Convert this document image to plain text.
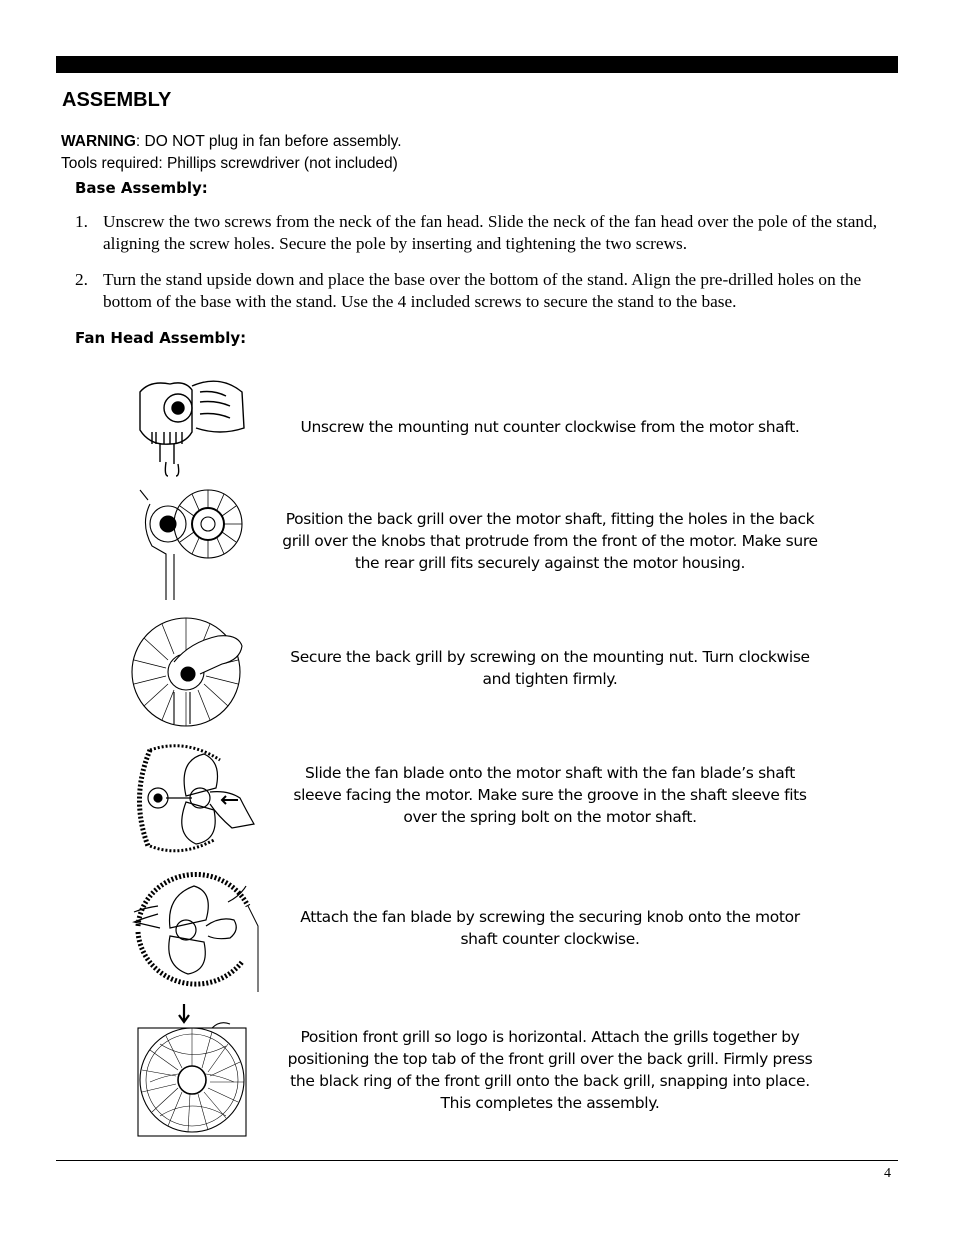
ASSEMBLY
WARNING: DO NOT plug in fan before assembly.
Tools required: Phillips screwdriver (not included)
Base Assembly:
1. Unscrew the two screws from the neck of the fan head. Slide the neck of the fan head over the pole of the stand, aligning the screw holes. Secure the pole by inserting and tightening the two screws.
2. Turn the stand upside down and place the base over the bottom of the stand. Align the pre-drilled holes on the bottom of the base with the stand. Use the 4 included screws to secure the stand to the base.
Fan Head Assembly:
Unscrew the mounting nut counter clockwise from the motor shaft.
Position the back grill over the motor shaft, fitting the holes in the back grill over the knobs that protrude from the front of the motor. Make sure the rear grill fits securely against the motor housing.
Secure the back grill by screwing on the mounting nut. Turn clockwise and tighten firmly.
Slide the fan blade onto the motor shaft with the fan blade’s shaft sleeve facing the motor. Make sure the groove in the shaft sleeve fits over the spring bolt on the motor shaft.
Attach the fan blade by screwing the securing knob onto the motor shaft counter clockwise.
Position front grill so logo is horizontal. Attach the grills together by positioning the top tab of the front grill over the back grill. Firmly press the black ring of the front grill onto the back grill, snapping into place. This completes the assembly.
4
